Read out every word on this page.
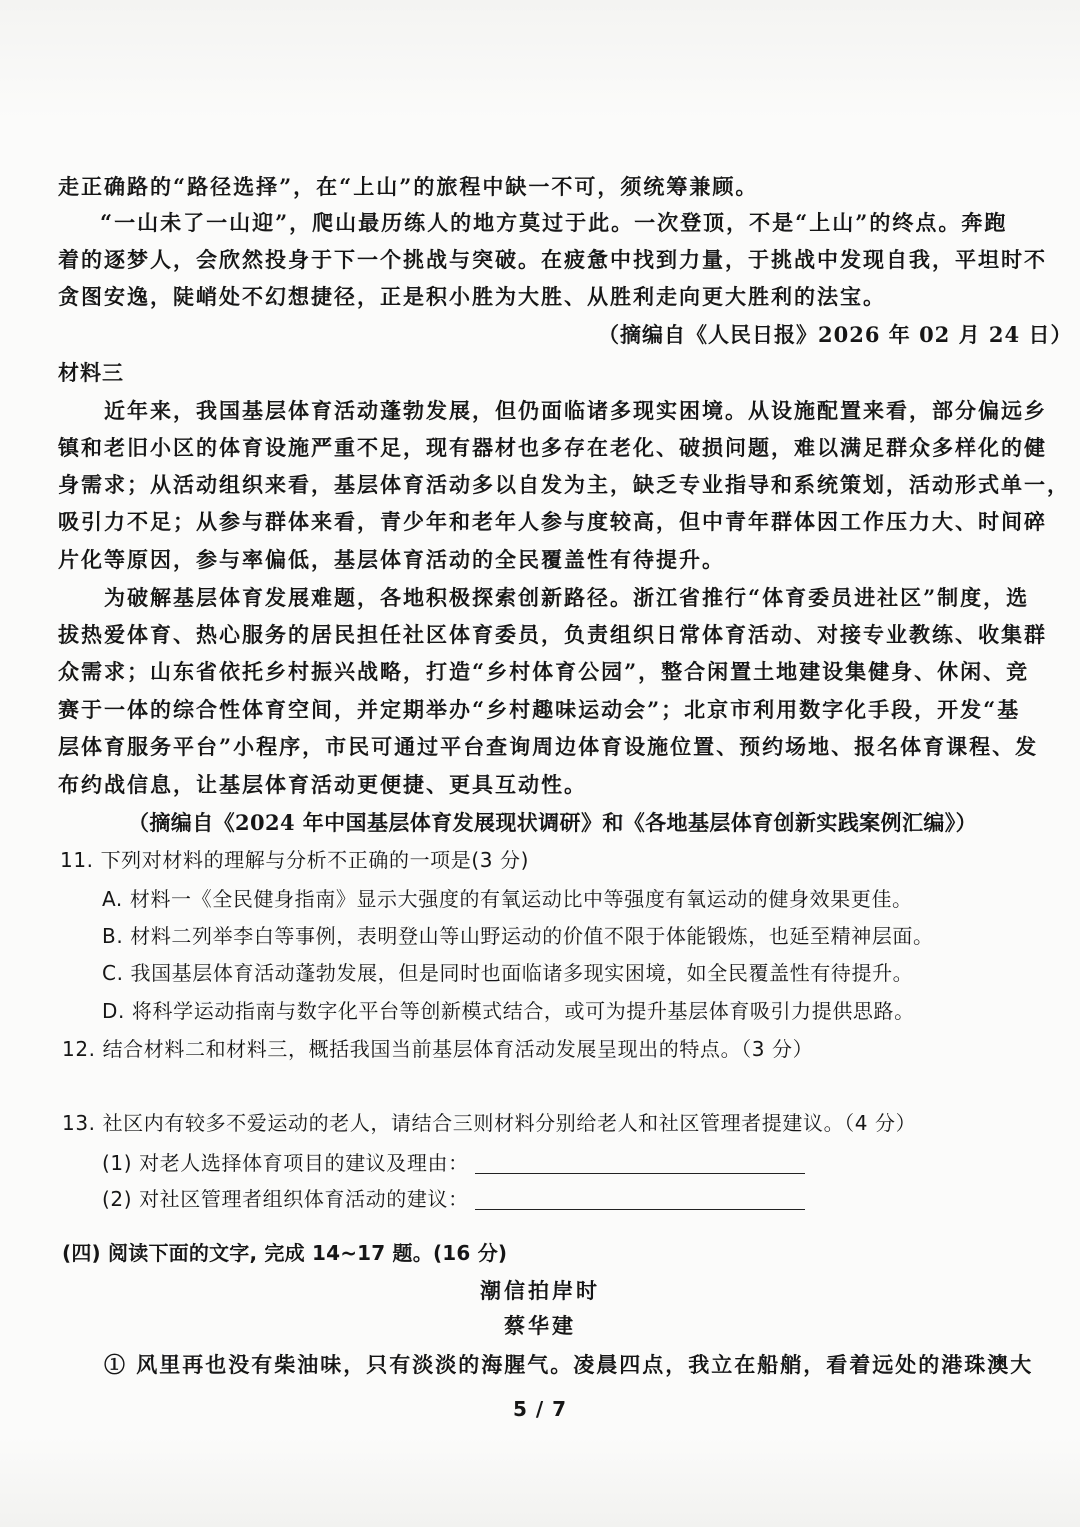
走正确路的“路径选择”，在“上山”的旅程中缺一不可，须统筹兼顾。
“一山未了一山迎”，爬山最历练人的地方莫过于此。一次登顶，不是“上山”的终点。奔跑
着的逐梦人，会欣然投身于下一个挑战与突破。在疲惫中找到力量，于挑战中发现自我，平坦时不
贪图安逸，陡峭处不幻想捷径，正是积小胜为大胜、从胜利走向更大胜利的法宝。
（摘编自《人民日报》2026 年 02 月 24 日）
材料三
近年来，我国基层体育活动蓬勃发展，但仍面临诸多现实困境。从设施配置来看，部分偏远乡
镇和老旧小区的体育设施严重不足，现有器材也多存在老化、破损问题，难以满足群众多样化的健
身需求；从活动组织来看，基层体育活动多以自发为主，缺乏专业指导和系统策划，活动形式单一，
吸引力不足；从参与群体来看，青少年和老年人参与度较高，但中青年群体因工作压力大、时间碎
片化等原因，参与率偏低，基层体育活动的全民覆盖性有待提升。
为破解基层体育发展难题，各地积极探索创新路径。浙江省推行“体育委员进社区”制度，选
拔热爱体育、热心服务的居民担任社区体育委员，负责组织日常体育活动、对接专业教练、收集群
众需求；山东省依托乡村振兴战略，打造“乡村体育公园”，整合闲置土地建设集健身、休闲、竞
赛于一体的综合性体育空间，并定期举办“乡村趣味运动会”；北京市利用数字化手段，开发“基
层体育服务平台”小程序，市民可通过平台查询周边体育设施位置、预约场地、报名体育课程、发
布约战信息，让基层体育活动更便捷、更具互动性。
（摘编自《2024 年中国基层体育发展现状调研》和《各地基层体育创新实践案例汇编》）
11. 下列对材料的理解与分析不正确的一项是(3 分)
A. 材料一《全民健身指南》显示大强度的有氧运动比中等强度有氧运动的健身效果更佳。
B. 材料二列举李白等事例，表明登山等山野运动的价值不限于体能锻炼，也延至精神层面。
C. 我国基层体育活动蓬勃发展，但是同时也面临诸多现实困境，如全民覆盖性有待提升。
D. 将科学运动指南与数字化平台等创新模式结合，或可为提升基层体育吸引力提供思路。
12. 结合材料二和材料三，概括我国当前基层体育活动发展呈现出的特点。（3 分）
13. 社区内有较多不爱运动的老人，请结合三则材料分别给老人和社区管理者提建议。（4 分）
(1) 对老人选择体育项目的建议及理由：
(2) 对社区管理者组织体育活动的建议：
(四) 阅读下面的文字, 完成 14~17 题。(16 分)
潮信拍岸时
蔡华建
① 风里再也没有柴油味，只有淡淡的海腥气。凌晨四点，我立在船艄，看着远处的港珠澳大
5 / 7
